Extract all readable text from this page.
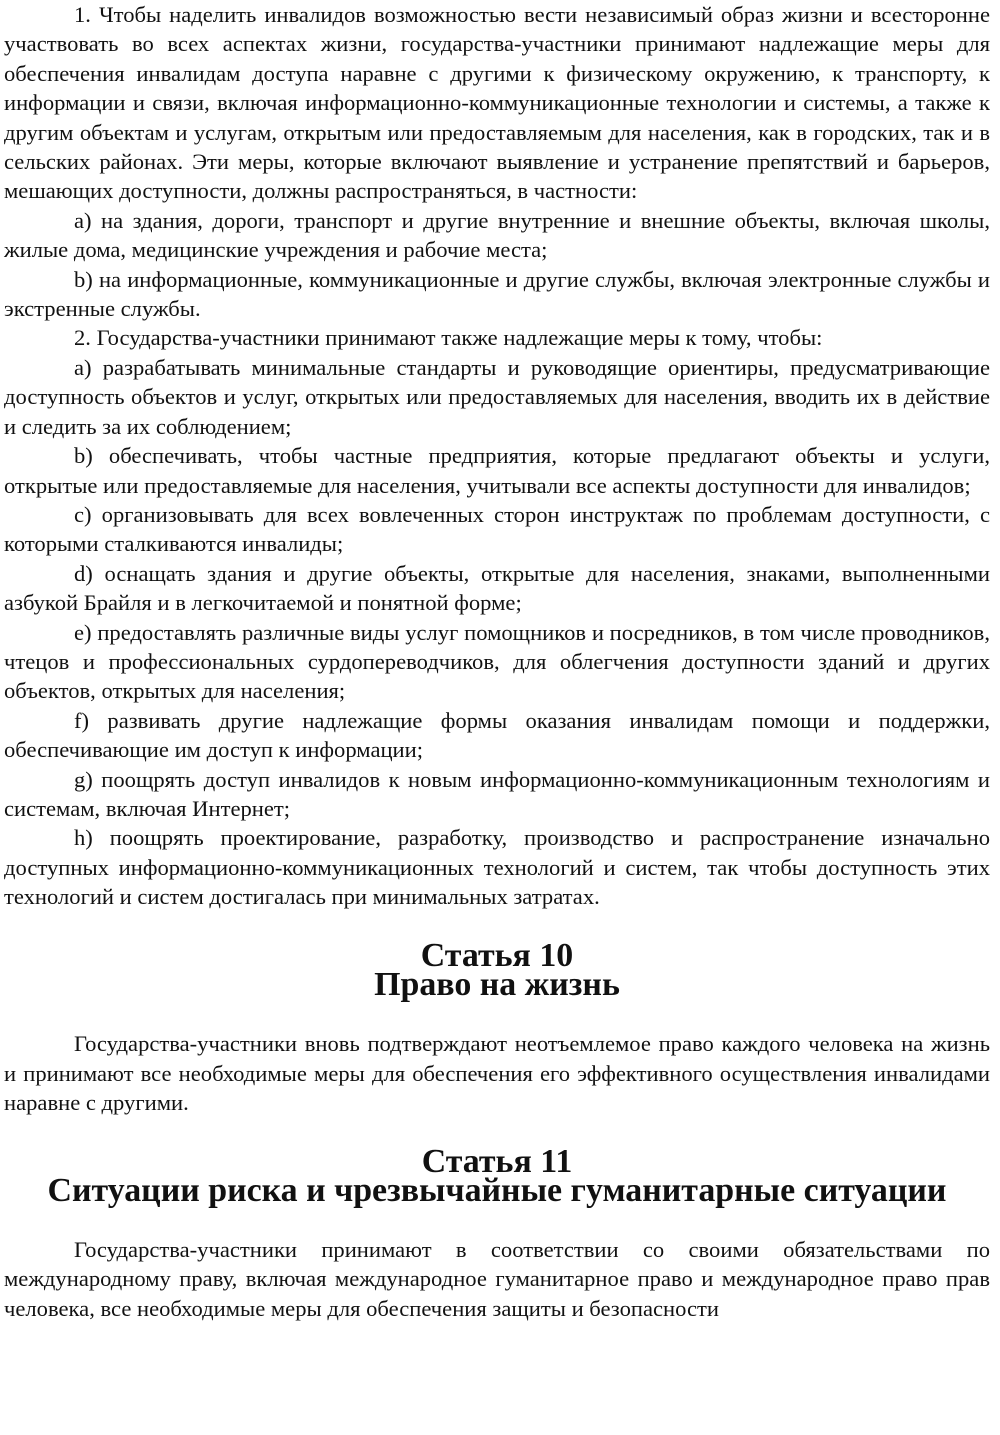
1. Чтобы наделить инвалидов возможностью вести независимый образ жизни и всесторонне участвовать во всех аспектах жизни, государства-участники принимают надлежащие меры для обеспечения инвалидам доступа наравне с другими к физическому окружению, к транспорту, к информации и связи, включая информационно-коммуникационные технологии и системы, а также к другим объектам и услугам, открытым или предоставляемым для населения, как в городских, так и в сельских районах. Эти меры, которые включают выявление и устранение препятствий и барьеров, мешающих доступности, должны распространяться, в частности:

a) на здания, дороги, транспорт и другие внутренние и внешние объекты, включая школы, жилые дома, медицинские учреждения и рабочие места;

b) на информационные, коммуникационные и другие службы, включая электронные службы и экстренные службы.

2. Государства-участники принимают также надлежащие меры к тому, чтобы:

a) разрабатывать минимальные стандарты и руководящие ориентиры, предусматривающие доступность объектов и услуг, открытых или предоставляемых для населения, вводить их в действие и следить за их соблюдением;

b) обеспечивать, чтобы частные предприятия, которые предлагают объекты и услуги, открытые или предоставляемые для населения, учитывали все аспекты доступности для инвалидов;

c) организовывать для всех вовлеченных сторон инструктаж по проблемам доступности, с которыми сталкиваются инвалиды;

d) оснащать здания и другие объекты, открытые для населения, знаками, выполненными азбукой Брайля и в легкочитаемой и понятной форме;

e) предоставлять различные виды услуг помощников и посредников, в том числе проводников, чтецов и профессиональных сурдопереводчиков, для облегчения доступности зданий и других объектов, открытых для населения;

f) развивать другие надлежащие формы оказания инвалидам помощи и поддержки, обеспечивающие им доступ к информации;

g) поощрять доступ инвалидов к новым информационно-коммуникационным технологиям и системам, включая Интернет;

h) поощрять проектирование, разработку, производство и распространение изначально доступных информационно-коммуникационных технологий и систем, так чтобы доступность этих технологий и систем достигалась при минимальных затратах.

Статья 10
Право на жизнь

Государства-участники вновь подтверждают неотъемлемое право каждого человека на жизнь и принимают все необходимые меры для обеспечения его эффективного осуществления инвалидами наравне с другими.

Статья 11
Ситуации риска и чрезвычайные гуманитарные ситуации

Государства-участники принимают в соответствии со своими обязательствами по международному праву, включая международное гуманитарное право и международное право прав человека, все необходимые меры для обеспечения защиты и безопасности
